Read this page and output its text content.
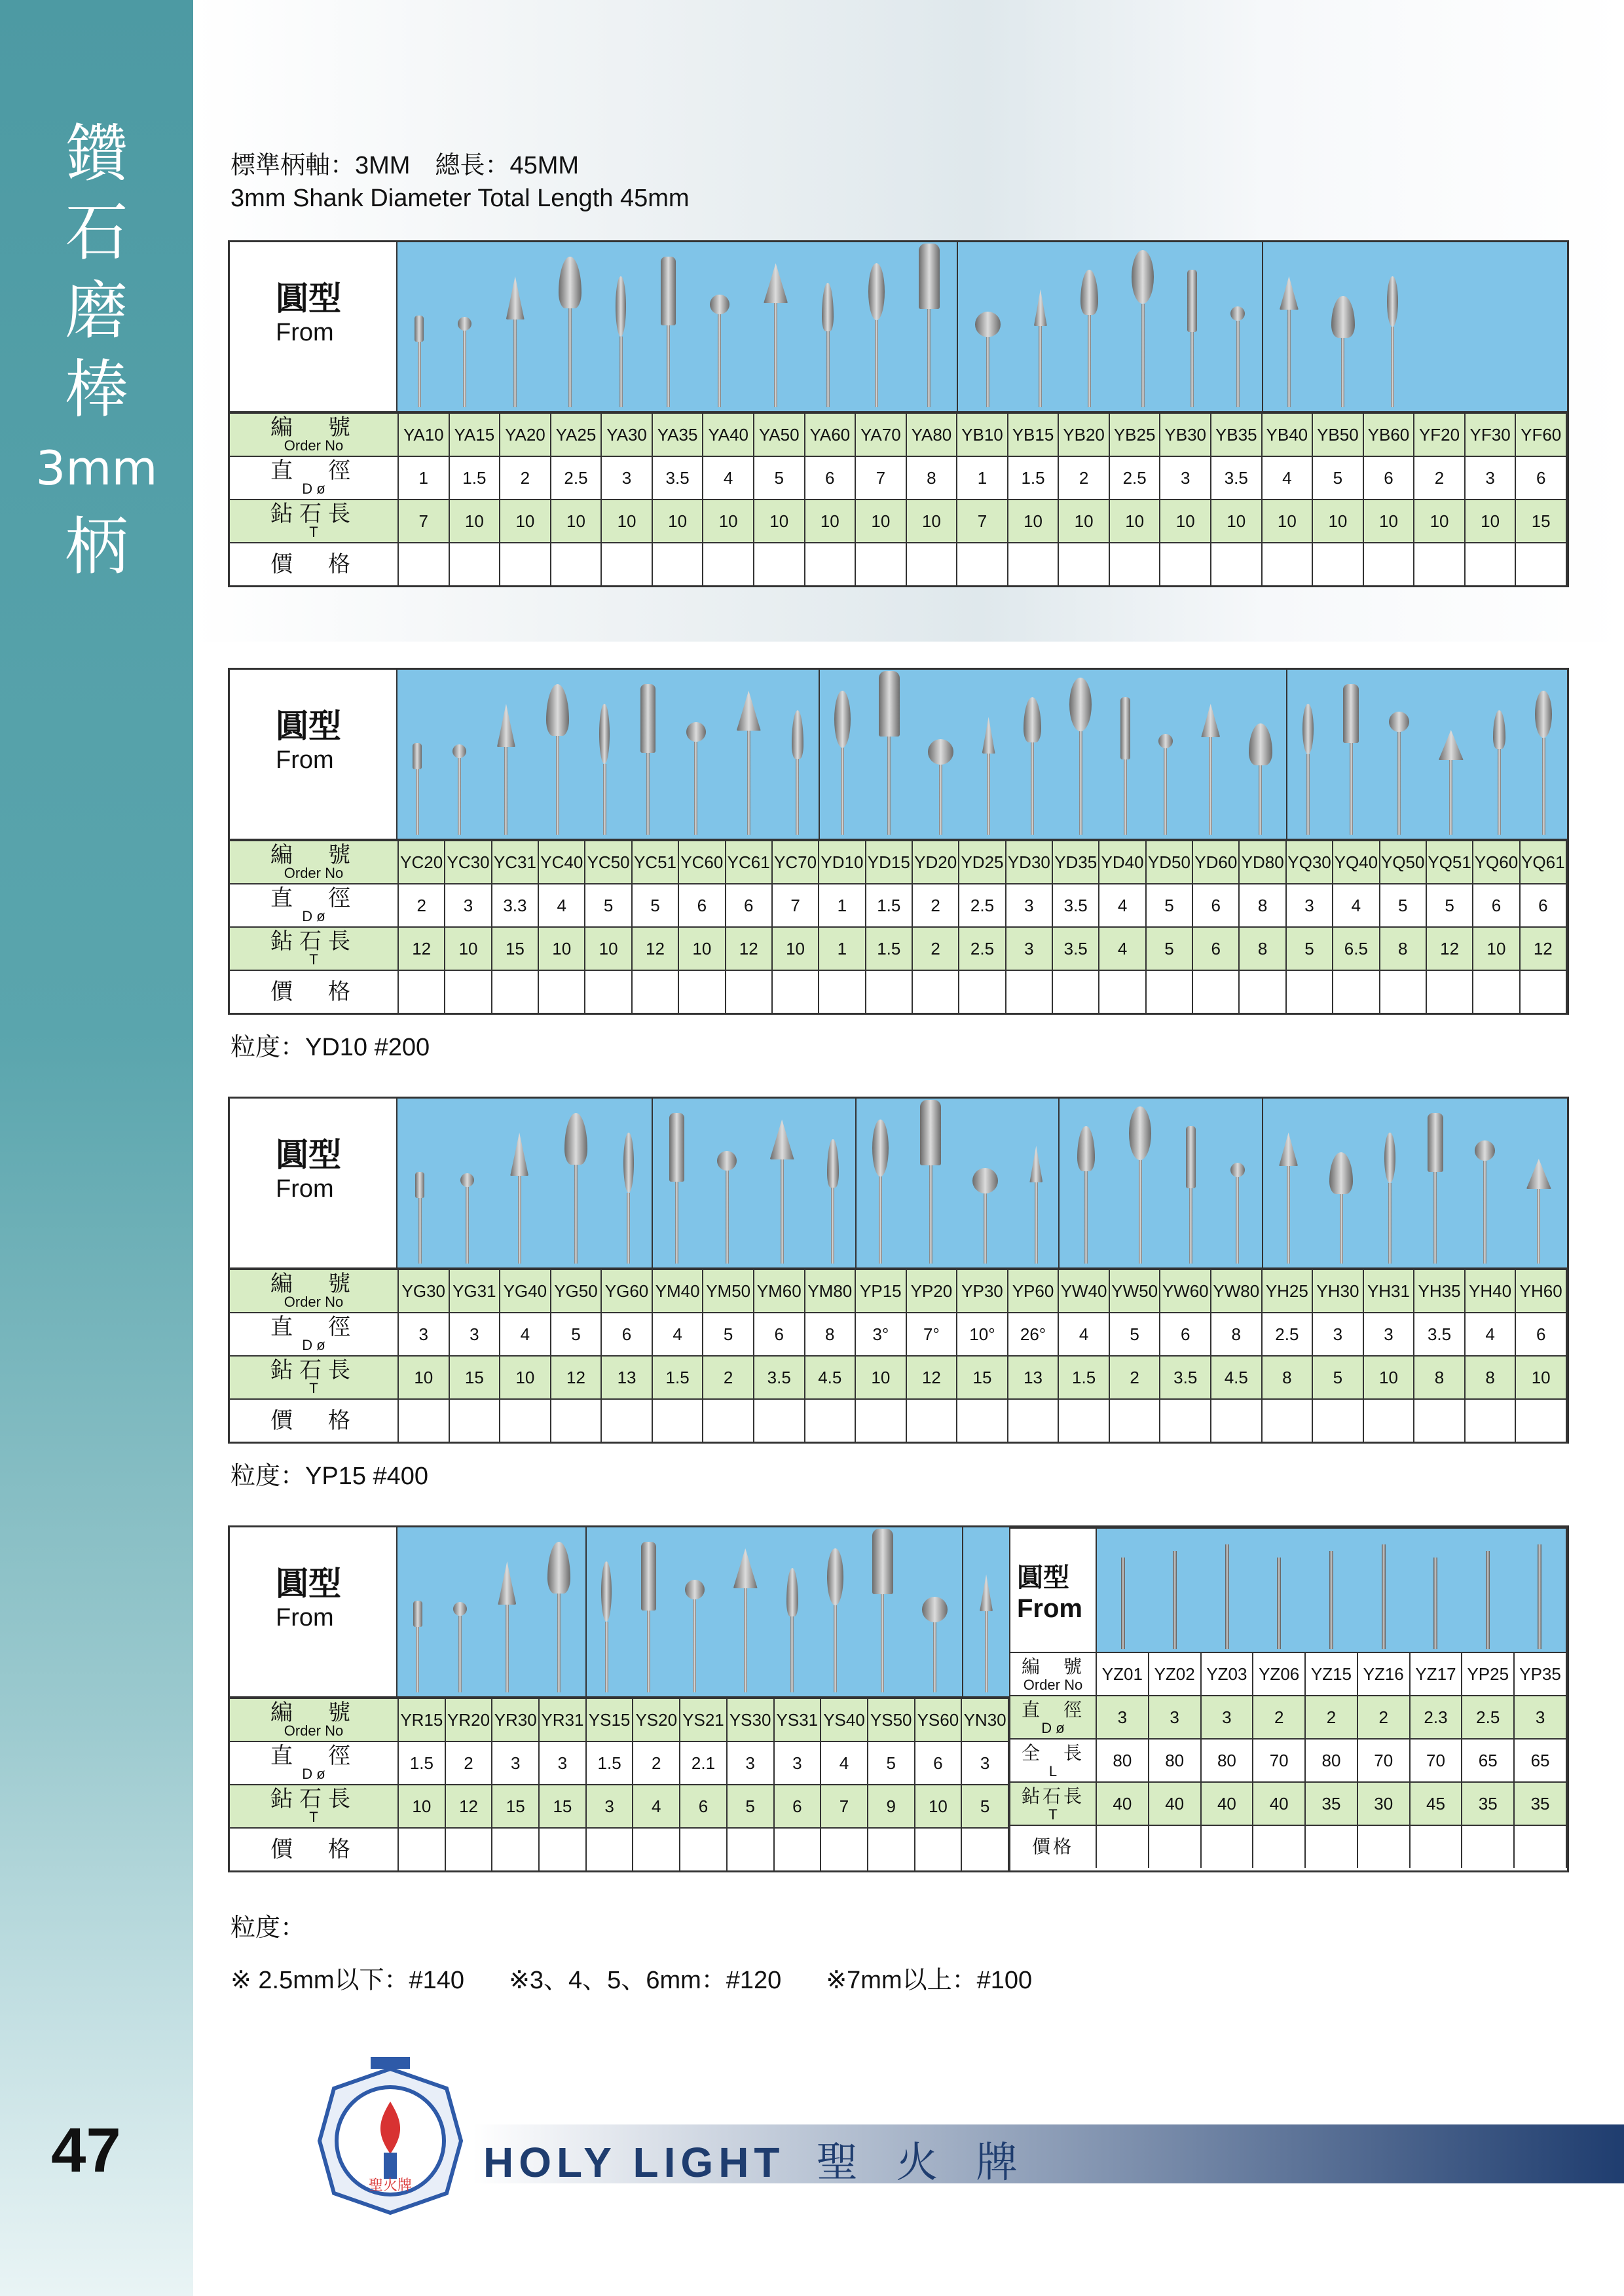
鑽
石
磨
棒
3mm
柄
47
標準柄軸：3MM　總長：45MM
3mm Shank Diameter Total Length 45mm
圓型
From
編　號
Order No	YA10	YA15	YA20	YA25	YA30	YA35	YA40	YA50	YA60	YA70	YA80	YB10	YB15	YB20	YB25	YB30	YB35	YB40	YB50	YB60	YF20	YF30	YF60

直　徑
D ø	1	1.5	2	2.5	3	3.5	4	5	6	7	8	1	1.5	2	2.5	3	3.5	4	5	6	2	3	6

鉆石長
T	7	10	10	10	10	10	10	10	10	10	10	7	10	10	10	10	10	10	10	10	10	10	15

價　格																							

圓型
From
編　號
Order No	YC20	YC30	YC31	YC40	YC50	YC51	YC60	YC61	YC70	YD10	YD15	YD20	YD25	YD30	YD35	YD40	YD50	YD60	YD80	YQ30	YQ40	YQ50	YQ51	YQ60	YQ61

直　徑
D ø	2	3	3.3	4	5	5	6	6	7	1	1.5	2	2.5	3	3.5	4	5	6	8	3	4	5	5	6	6

鉆石長
T	12	10	15	10	10	12	10	12	10	1	1.5	2	2.5	3	3.5	4	5	6	8	5	6.5	8	12	10	12

價　格																									

粒度：YD10 #200
圓型
From
編　號
Order No	YG30	YG31	YG40	YG50	YG60	YM40	YM50	YM60	YM80	YP15	YP20	YP30	YP60	YW40	YW50	YW60	YW80	YH25	YH30	YH31	YH35	YH40	YH60

直　徑
D ø	3	3	4	5	6	4	5	6	8	3°	7°	10°	26°	4	5	6	8	2.5	3	3	3.5	4	6

鉆石長
T	10	15	10	12	13	1.5	2	3.5	4.5	10	12	15	13	1.5	2	3.5	4.5	8	5	10	8	8	10

價　格																							

粒度：YP15 #400
圓型
From
編　號
Order No	YR15	YR20	YR30	YR31	YS15	YS20	YS21	YS30	YS31	YS40	YS50	YS60	YN30

直　徑
D ø	1.5	2	3	3	1.5	2	2.1	3	3	4	5	6	3

鉆石長
T	10	12	15	15	3	4	6	5	6	7	9	10	5

價　格													

圓型
From									

編　號
Order No	YZ01	YZ02	YZ03	YZ06	YZ15	YZ16	YZ17	YP25	YP35

直　徑
D ø	3	3	3	2	2	2	2.3	2.5	3

全　長
L	80	80	80	70	80	70	70	65	65

鉆石長
T	40	40	40	40	35	30	45	35	35

價格									

粒度：
※ 2.5mm以下：#140 ※3、4、5、6mm：#120 ※7mm以上：#100
聖火牌 HOLY LIGHT 聖 火 牌
